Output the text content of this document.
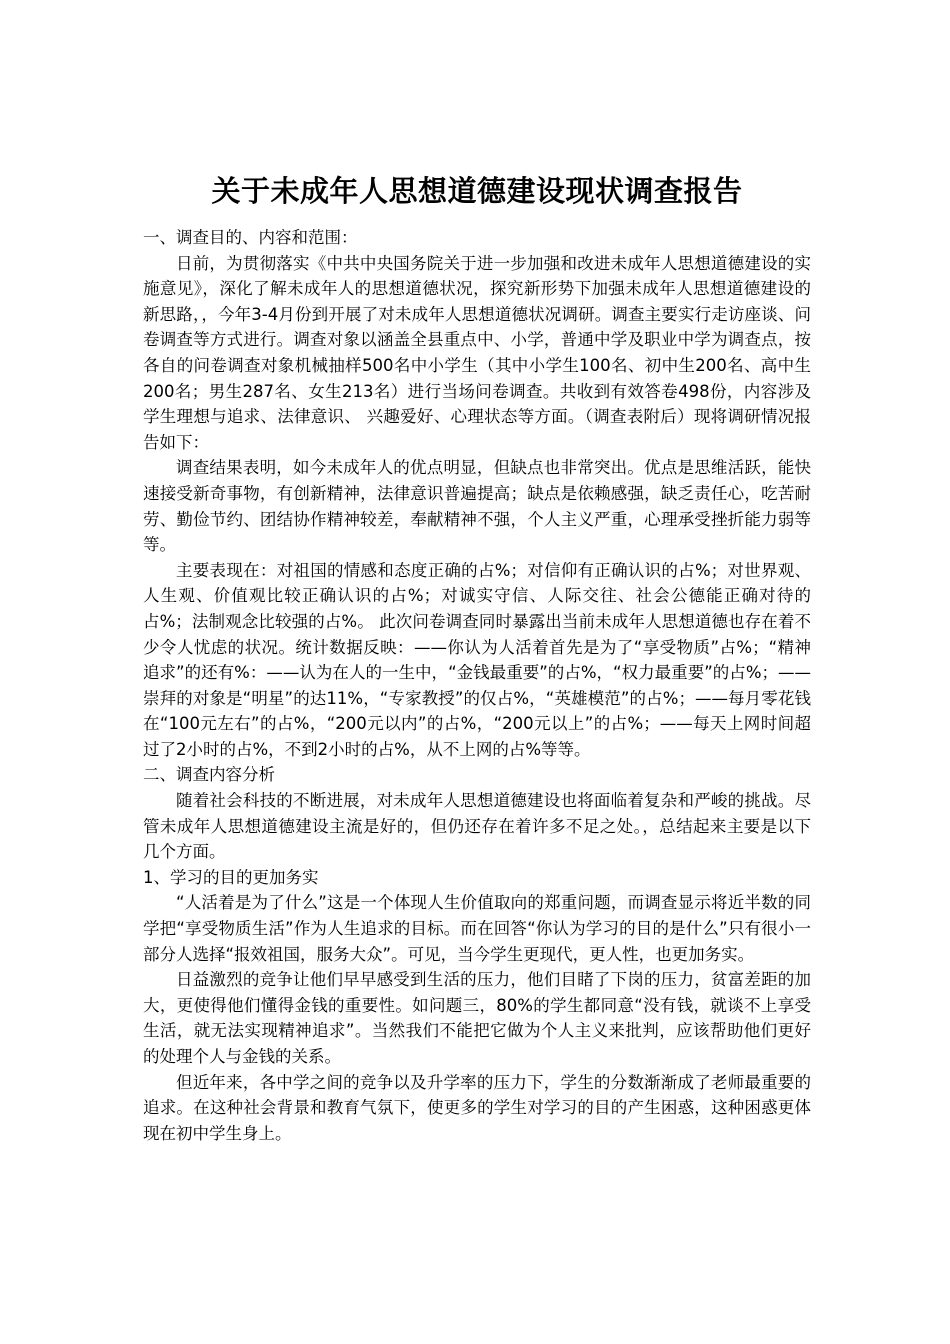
关于未成年人思想道德建设现状调查报告

一、调查目的、内容和范围：

日前，为贯彻落实《中共中央国务院关于进一步加强和改进未成年人思想道德建设的实施意见》，深化了解未成年人的思想道德状况，探究新形势下加强未成年人思想道德建设的新思路，，今年3-4月份到开展了对未成年人思想道德状况调研。调查主要实行走访座谈、问卷调查等方式进行。调查对象以涵盖全县重点中、小学，普通中学及职业中学为调查点，按各自的问卷调查对象机械抽样500名中小学生（其中小学生100名、初中生200名、高中生200名；男生287名、女生213名）进行当场问卷调查。共收到有效答卷498份，内容涉及学生理想与追求、法律意识、 兴趣爱好、心理状态等方面。（调查表附后）现将调研情况报告如下：

调查结果表明，如今未成年人的优点明显，但缺点也非常突出。优点是思维活跃，能快速接受新奇事物，有创新精神，法律意识普遍提高；缺点是依赖感强，缺乏责任心，吃苦耐劳、勤俭节约、团结协作精神较差，奉献精神不强，个人主义严重，心理承受挫折能力弱等等。

主要表现在：对祖国的情感和态度正确的占%；对信仰有正确认识的占%；对世界观、人生观、价值观比较正确认识的占%；对诚实守信、人际交往、社会公德能正确对待的占%；法制观念比较强的占%。 此次问卷调查同时暴露出当前未成年人思想道德也存在着不少令人忧虑的状况。统计数据反映：——你认为人活着首先是为了“享受物质”占%；“精神追求”的还有%：——认为在人的一生中，“金钱最重要”的占%，“权力最重要”的占%；——崇拜的对象是“明星”的达11%，“专家教授”的仅占%，“英雄模范”的占%；——每月零花钱在“100元左右”的占%，“200元以内”的占%，“200元以上”的占%；——每天上网时间超过了2小时的占%，不到2小时的占%，从不上网的占%等等。

二、调查内容分析

随着社会科技的不断进展，对未成年人思想道德建设也将面临着复杂和严峻的挑战。尽管未成年人思想道德建设主流是好的，但仍还存在着许多不足之处。，总结起来主要是以下几个方面。

1、学习的目的更加务实

“人活着是为了什么”这是一个体现人生价值取向的郑重问题，而调查显示将近半数的同学把“享受物质生活”作为人生追求的目标。而在回答“你认为学习的目的是什么”只有很小一部分人选择“报效祖国，服务大众”。可见，当今学生更现代，更人性，也更加务实。

日益激烈的竞争让他们早早感受到生活的压力，他们目睹了下岗的压力，贫富差距的加大，更使得他们懂得金钱的重要性。如问题三，80%的学生都同意“没有钱，就谈不上享受生活，就无法实现精神追求”。当然我们不能把它做为个人主义来批判，应该帮助他们更好的处理个人与金钱的关系。

但近年来，各中学之间的竞争以及升学率的压力下，学生的分数渐渐成了老师最重要的追求。在这种社会背景和教育气氛下，使更多的学生对学习的目的产生困惑，这种困惑更体现在初中学生身上。
